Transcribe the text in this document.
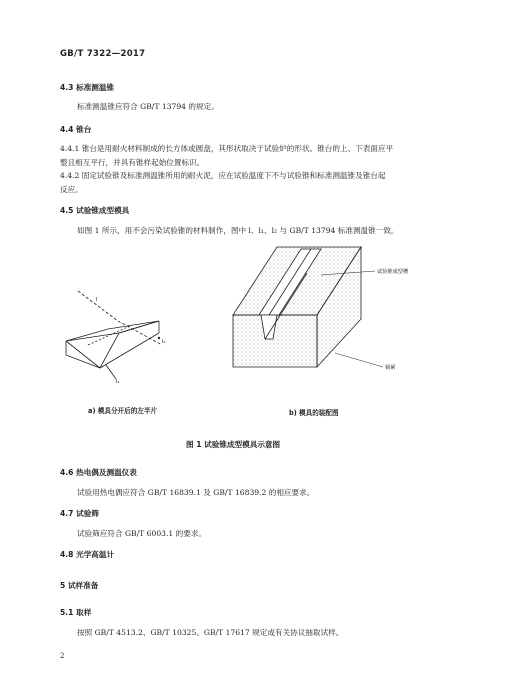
GB/T 7322—2017
4.3 标准测温锥
标准测温锥应符合 GB/T 13794 的规定。
4.4 锥台
4.4.1 锥台是用耐火材料制成的长方体或圆盘，其形状取决于试验炉的形状。锥台的上、下表面应平
整且相互平行，并具有锥样起始位置标识。
4.4.2 固定试验锥及标准测温锥所用的耐火泥，应在试验温度下不与试验锥和标准测温锥及锥台起
反应。
4.5 试验锥成型模具
如图 1 所示，用不会污染试验锥的材料制作，图中 l、l₁、l₂ 与 GB/T 13794 标准测温锥一致。
l
l₁
l₂
试验锥成型槽
锁紧
a) 模具分开后的左半片	b) 模具的装配图
图 1 试验锥成型模具示意图
4.6 热电偶及测温仪表
试验用热电偶应符合 GB/T 16839.1 及 GB/T 16839.2 的相应要求。
4.7 试验筛
试验筛应符合 GB/T 6003.1 的要求。
4.8 光学高温计
5 试样准备
5.1 取样
按照 GB/T 4513.2、GB/T 10325、GB/T 17617 规定或有关协议抽取试样。
2
